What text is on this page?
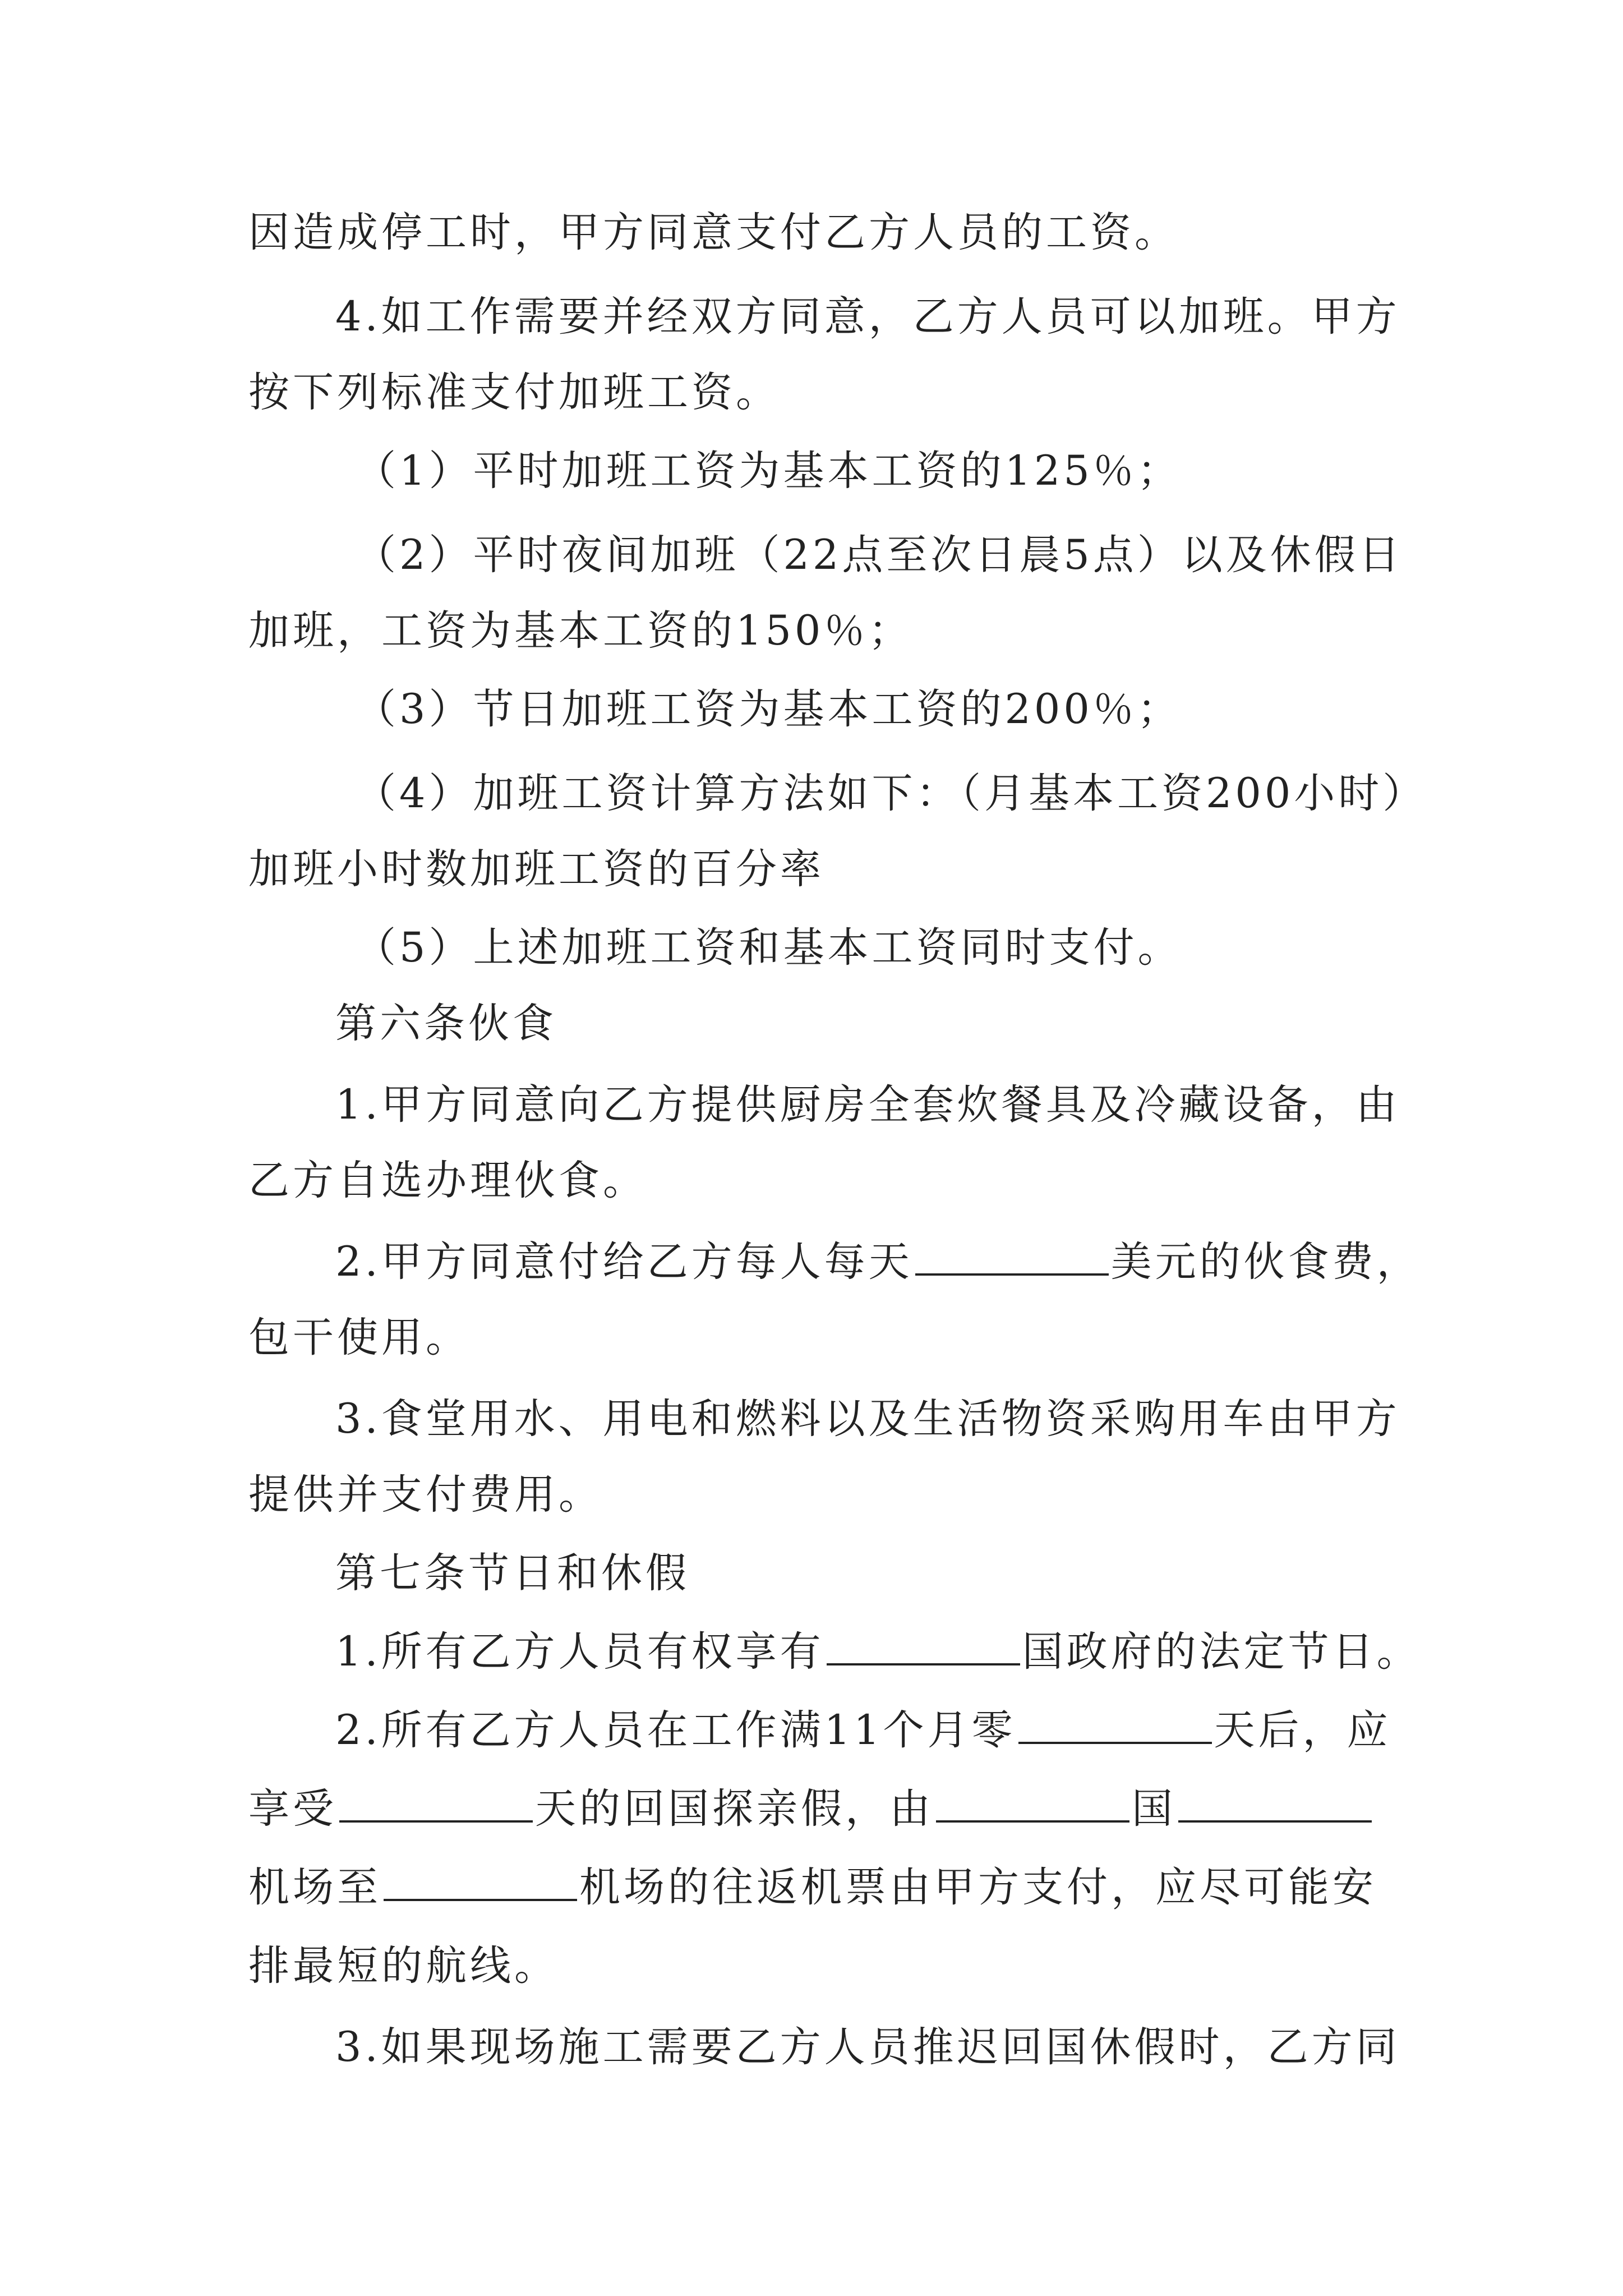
因造成停工时，甲方同意支付乙方人员的工资。
4.如工作需要并经双方同意，乙方人员可以加班。甲方
按下列标准支付加班工资。
（1）平时加班工资为基本工资的125％；
（2）平时夜间加班（22点至次日晨5点）以及休假日
加班，工资为基本工资的150％；
（3）节日加班工资为基本工资的200％；
（4）加班工资计算方法如下：（月基本工资200小时）
加班小时数加班工资的百分率
（5）上述加班工资和基本工资同时支付。
第六条伙食
1.甲方同意向乙方提供厨房全套炊餐具及冷藏设备，由
乙方自选办理伙食。
2.甲方同意付给乙方每人每天	美元的伙食费，
包干使用。
3.食堂用水、用电和燃料以及生活物资采购用车由甲方
提供并支付费用。
第七条节日和休假
1.所有乙方人员有权享有	国政府的法定节日。
2.所有乙方人员在工作满11个月零	天后，应
享受	天的回国探亲假，由	国
机场至	机场的往返机票由甲方支付，应尽可能安
排最短的航线。
3.如果现场施工需要乙方人员推迟回国休假时，乙方同
